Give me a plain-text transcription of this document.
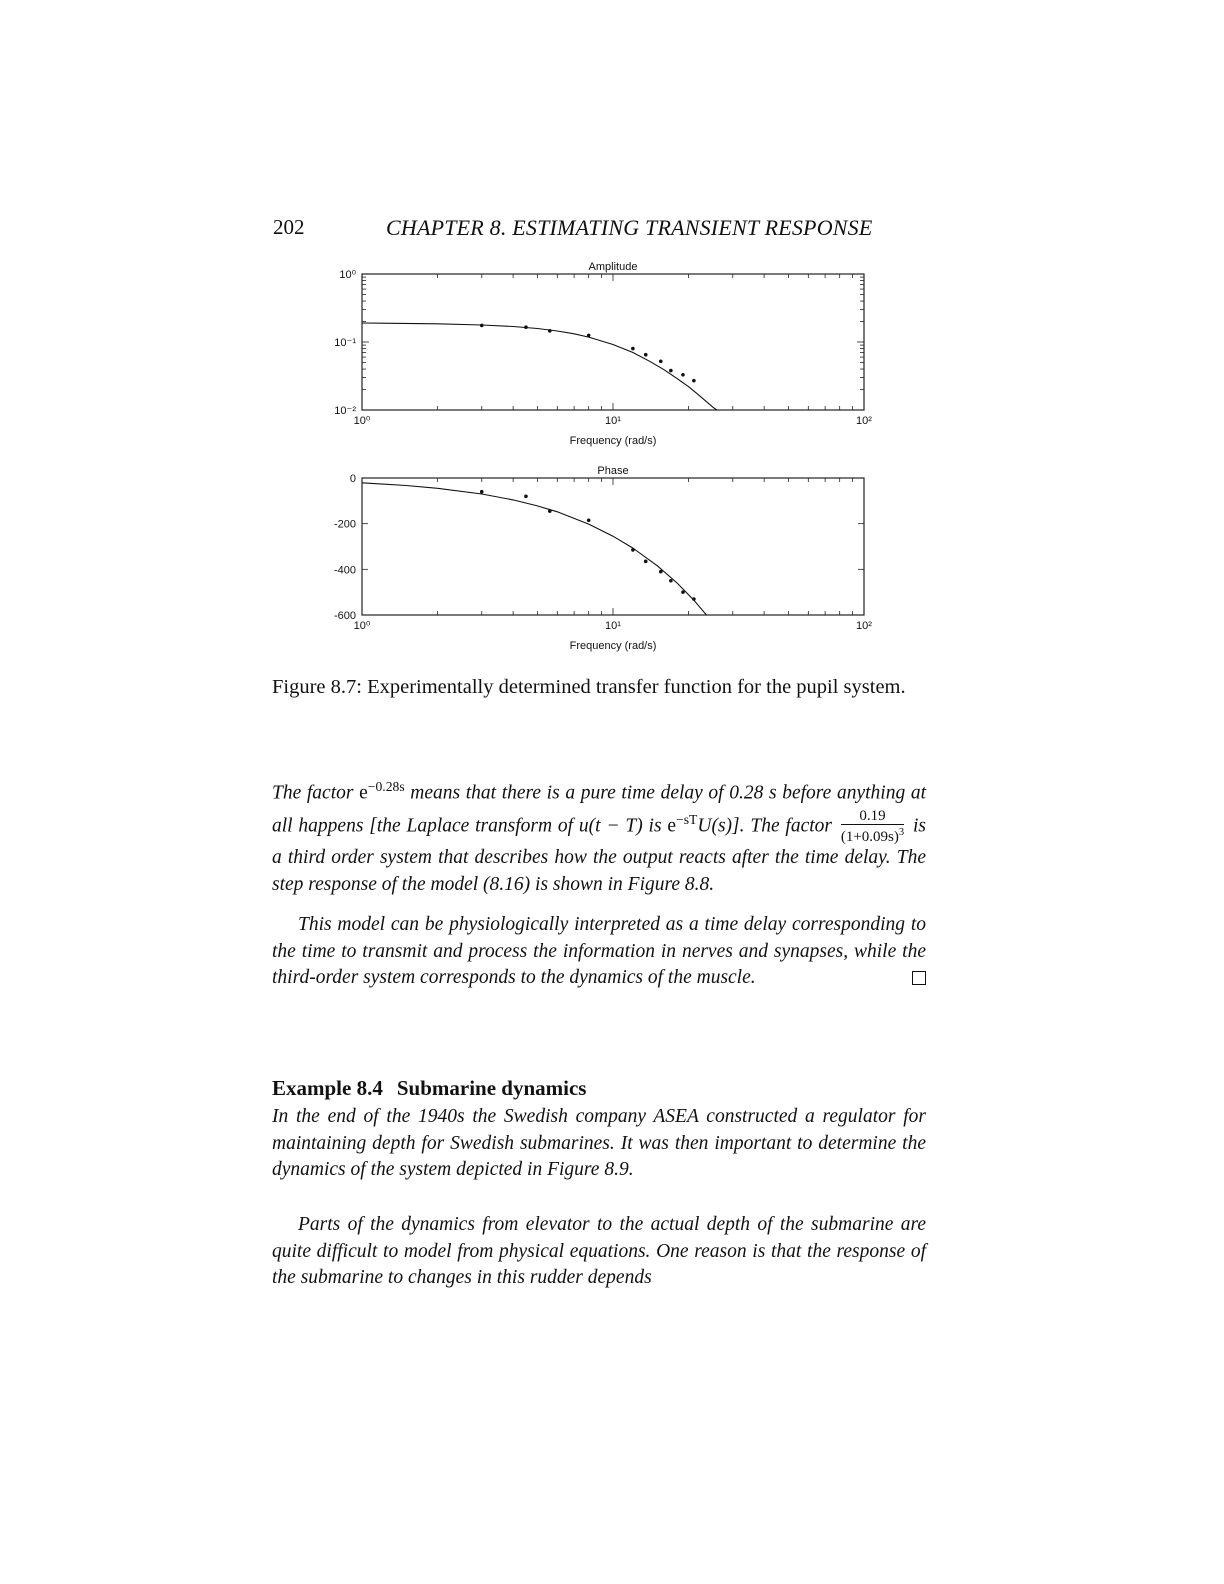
202	CHAPTER 8. ESTIMATING TRANSIENT RESPONSE
10⁰	10¹	10²
10⁰
10⁻¹
10⁻²
Amplitude
Frequency (rad/s)
10⁰	10¹	10²
0
-200
-400
-600
Phase
Frequency (rad/s)
Figure 8.7: Experimentally determined transfer function for the pupil system.
The factor $e^{-0.28s}$ means that there is a pure time delay of 0.28 s before anything at all happens [the Laplace transform of u(t − T) is $e^{-sT}U(s)$]. The factor $\frac{0.19}{(1+0.09s)^3}$ is a third order system that describes how the output reacts after the time delay. The step response of the model (8.16) is shown in Figure 8.8.
This model can be physiologically interpreted as a time delay corresponding to the time to transmit and process the information in nerves and synapses, while the third-order system corresponds to the dynamics of the muscle.
Example 8.4 Submarine dynamics
In the end of the 1940s the Swedish company ASEA constructed a regulator for maintaining depth for Swedish submarines. It was then important to determine the dynamics of the system depicted in Figure 8.9.
Parts of the dynamics from elevator to the actual depth of the submarine are quite difficult to model from physical equations. One reason is that the response of the submarine to changes in this rudder depends
